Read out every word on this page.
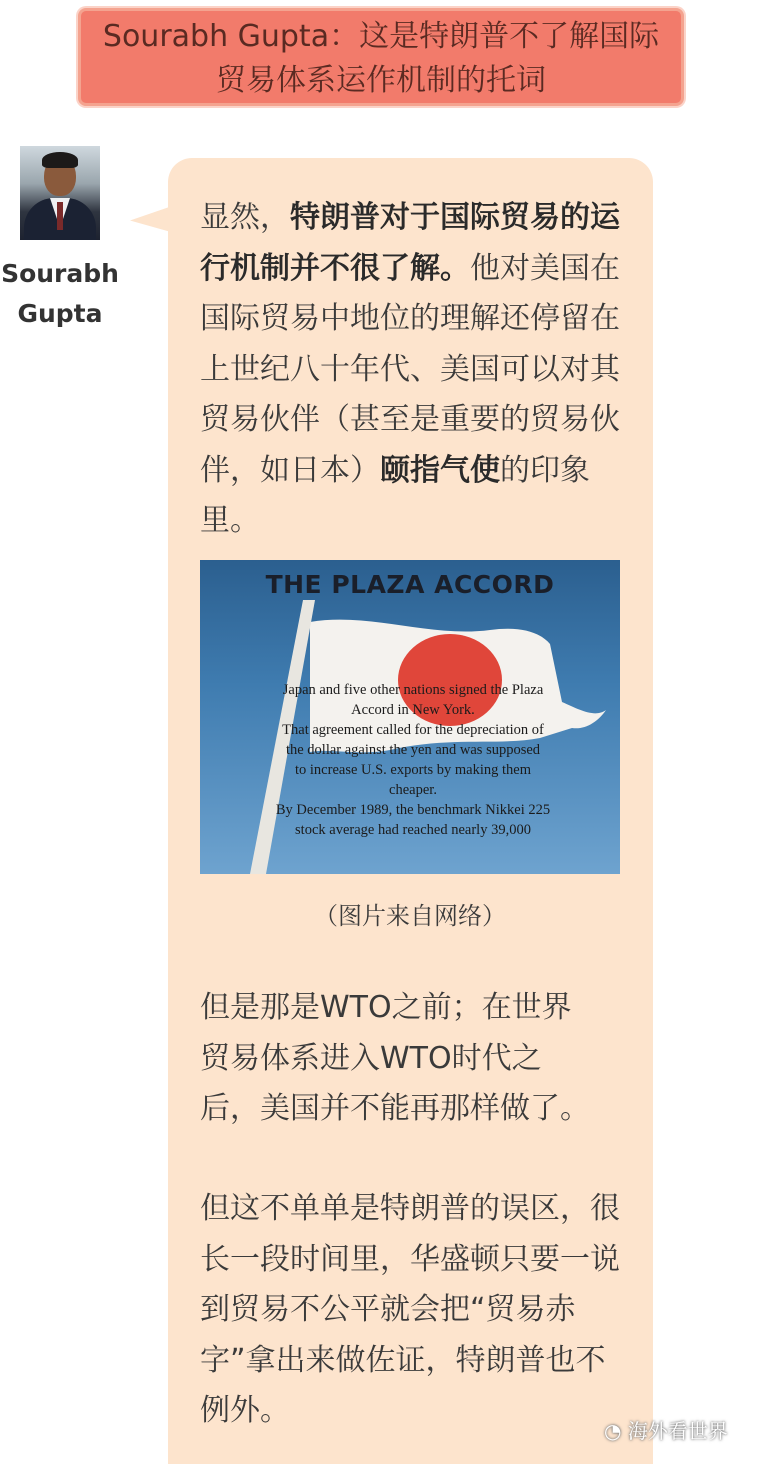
Sourabh Gupta：这是特朗普不了解国际
贸易体系运作机制的托词
Sourabh
Gupta
显然，特朗普对于国际贸易的运行机制并不很了解。他对美国在国际贸易中地位的理解还停留在上世纪八十年代、美国可以对其贸易伙伴（甚至是重要的贸易伙伴，如日本）颐指气使的印象里。
THE PLAZA ACCORD
Japan and five other nations signed the Plaza
Accord in New York.
That agreement called for the depreciation of
the dollar against the yen and was supposed
to increase U.S. exports by making them
cheaper.
By December 1989, the benchmark Nikkei 225
stock average had reached nearly 39,000
（图片来自网络）
但是那是WTO之前；在世界贸易体系进入WTO时代之后，美国并不能再那样做了。
但这不单单是特朗普的误区，很长一段时间里，华盛顿只要一说到贸易不公平就会把“贸易赤字”拿出来做佐证，特朗普也不例外。
◔ 海外看世界
